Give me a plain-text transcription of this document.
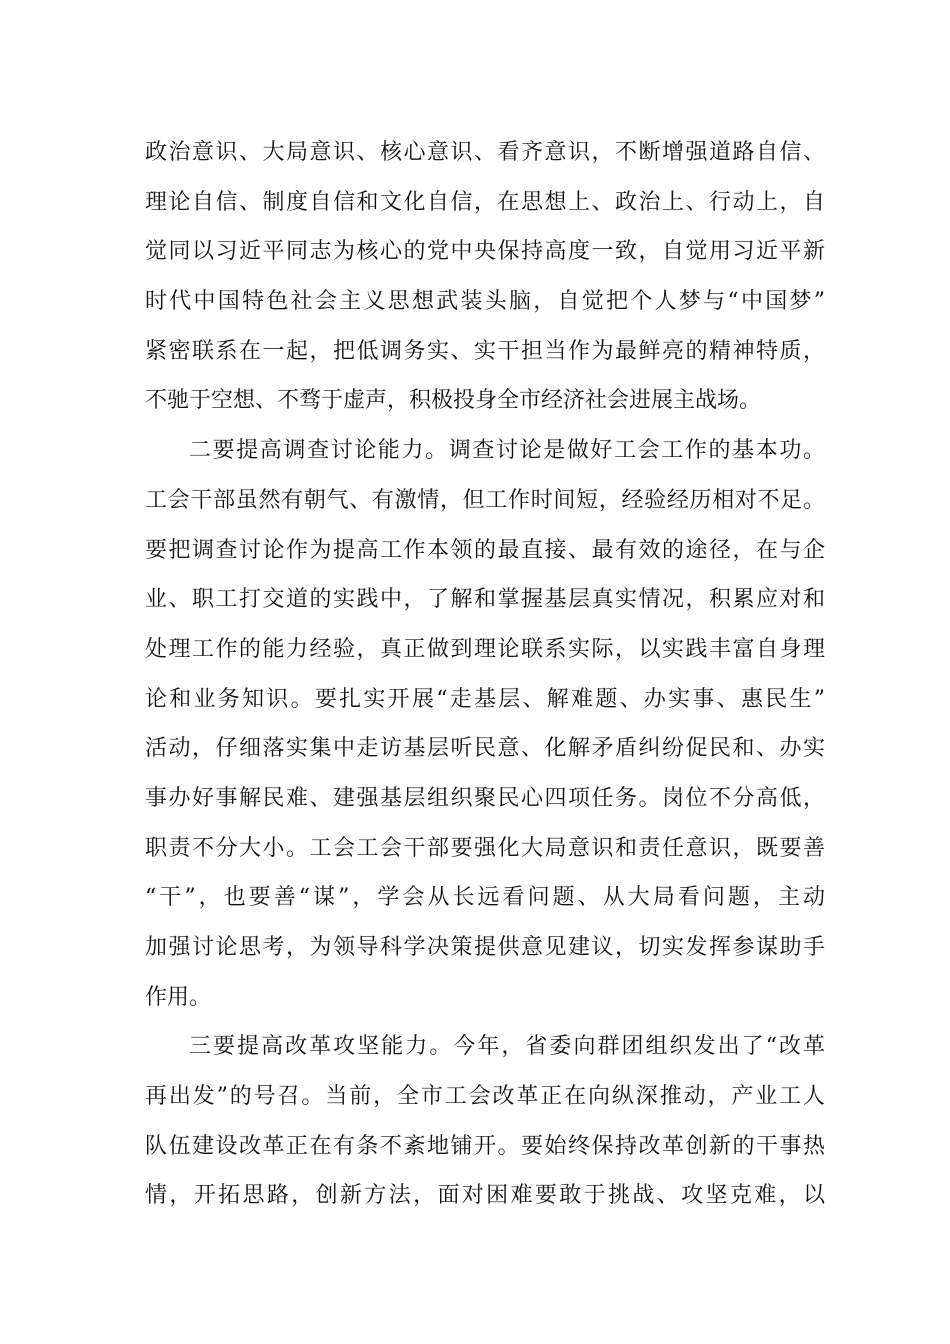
政治意识、大局意识、核心意识、看齐意识，不断增强道路自信、
理论自信、制度自信和文化自信，在思想上、政治上、行动上，自
觉同以习近平同志为核心的党中央保持高度一致，自觉用习近平新
时代中国特色社会主义思想武装头脑，自觉把个人梦与“中国梦”
紧密联系在一起，把低调务实、实干担当作为最鲜亮的精神特质，
不驰于空想、不骛于虚声，积极投身全市经济社会进展主战场。
二要提高调查讨论能力。调查讨论是做好工会工作的基本功。
工会干部虽然有朝气、有激情，但工作时间短，经验经历相对不足。
要把调查讨论作为提高工作本领的最直接、最有效的途径，在与企
业、职工打交道的实践中，了解和掌握基层真实情况，积累应对和
处理工作的能力经验，真正做到理论联系实际，以实践丰富自身理
论和业务知识。要扎实开展“走基层、解难题、办实事、惠民生”
活动，仔细落实集中走访基层听民意、化解矛盾纠纷促民和、办实
事办好事解民难、建强基层组织聚民心四项任务。岗位不分高低，
职责不分大小。工会工会干部要强化大局意识和责任意识，既要善
“干”，也要善“谋”，学会从长远看问题、从大局看问题，主动
加强讨论思考，为领导科学决策提供意见建议，切实发挥参谋助手
作用。
三要提高改革攻坚能力。今年，省委向群团组织发出了“改革
再出发”的号召。当前，全市工会改革正在向纵深推动，产业工人
队伍建设改革正在有条不紊地铺开。要始终保持改革创新的干事热
情，开拓思路，创新方法，面对困难要敢于挑战、攻坚克难，以
